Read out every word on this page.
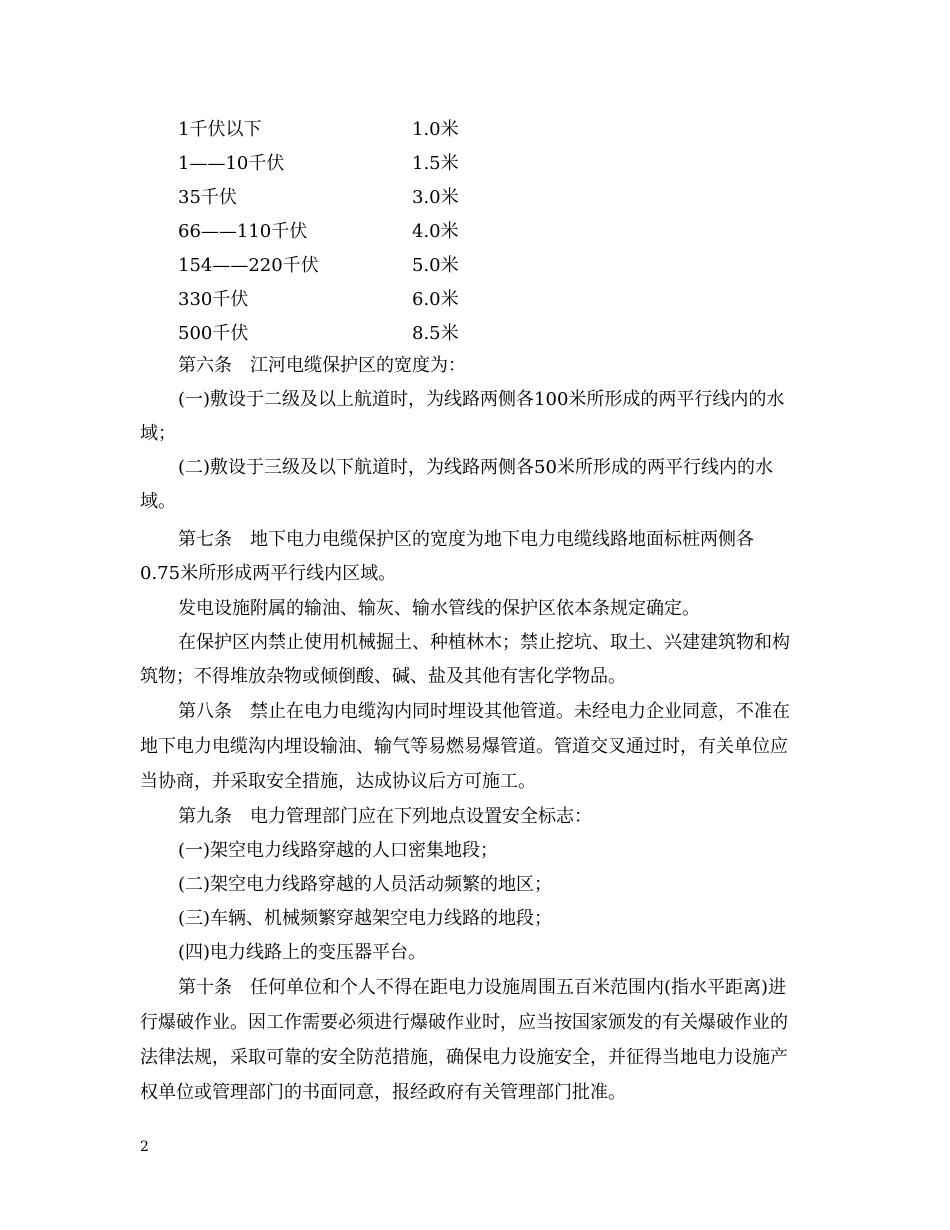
1千伏以下	1.0米
1——10千伏	1.5米
35千伏	3.0米
66——110千伏	4.0米
154——220千伏	5.0米
330千伏	6.0米
500千伏	8.5米
第六条　江河电缆保护区的宽度为：
(一)敷设于二级及以上航道时，为线路两侧各100米所形成的两平行线内的水
域；
(二)敷设于三级及以下航道时，为线路两侧各50米所形成的两平行线内的水
域。
第七条　地下电力电缆保护区的宽度为地下电力电缆线路地面标桩两侧各
0.75米所形成两平行线内区域。
发电设施附属的输油、输灰、输水管线的保护区依本条规定确定。
在保护区内禁止使用机械掘土、种植林木；禁止挖坑、取土、兴建建筑物和构
筑物；不得堆放杂物或倾倒酸、碱、盐及其他有害化学物品。
第八条　禁止在电力电缆沟内同时埋设其他管道。未经电力企业同意，不准在
地下电力电缆沟内埋设输油、输气等易燃易爆管道。管道交叉通过时，有关单位应
当协商，并采取安全措施，达成协议后方可施工。
第九条　电力管理部门应在下列地点设置安全标志：
(一)架空电力线路穿越的人口密集地段；
(二)架空电力线路穿越的人员活动频繁的地区；
(三)车辆、机械频繁穿越架空电力线路的地段；
(四)电力线路上的变压器平台。
第十条　任何单位和个人不得在距电力设施周围五百米范围内(指水平距离)进
行爆破作业。因工作需要必须进行爆破作业时，应当按国家颁发的有关爆破作业的
法律法规，采取可靠的安全防范措施，确保电力设施安全，并征得当地电力设施产
权单位或管理部门的书面同意，报经政府有关管理部门批准。
2
